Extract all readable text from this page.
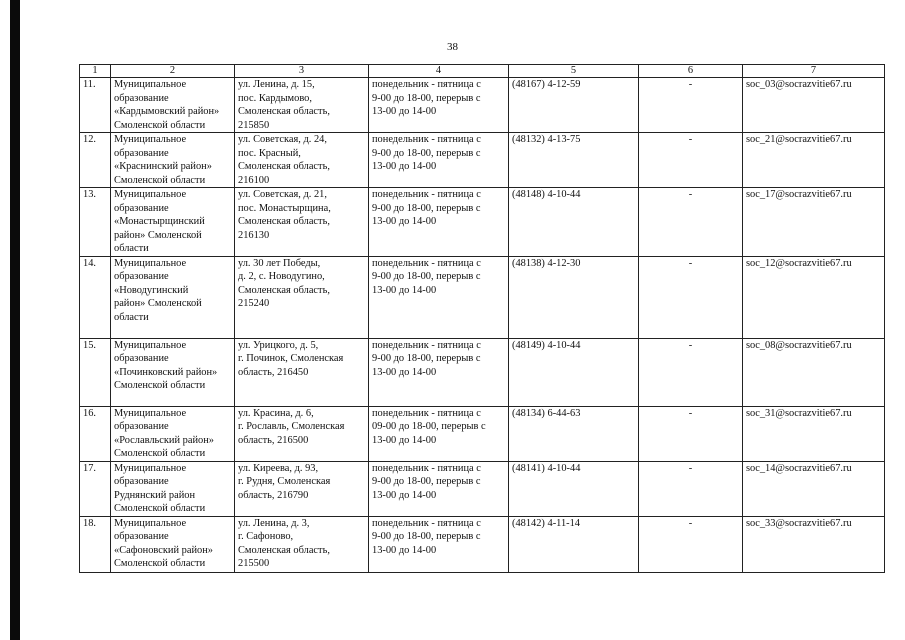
38
1	2	3	4	5	6	7
11.	Муниципальное
образование
«Кардымовский район»
Смоленской области	ул. Ленина, д. 15,
пос. Кардымово,
Смоленская область,
215850	понедельник - пятница с
9-00 до 18-00, перерыв с
13-00 до 14-00	(48167) 4-12-59	-	soc_03@socrazvitie67.ru
12.	Муниципальное
образование
«Краснинский район»
Смоленской области	ул. Советская, д. 24,
пос. Красный,
Смоленская область,
216100	понедельник - пятница с
9-00 до 18-00, перерыв с
13-00 до 14-00	(48132) 4-13-75	-	soc_21@socrazvitie67.ru
13.	Муниципальное
образование
«Монастырщинский
район» Смоленской
области	ул. Советская, д. 21,
пос. Монастырщина,
Смоленская область,
216130	понедельник - пятница с
9-00 до 18-00, перерыв с
13-00 до 14-00	(48148) 4-10-44	-	soc_17@socrazvitie67.ru
14.	Муниципальное
образование
«Новодугинский
район» Смоленской
области	ул. 30 лет Победы,
д. 2, с. Новодугино,
Смоленская область,
215240	понедельник - пятница с
9-00 до 18-00, перерыв с
13-00 до 14-00	(48138) 4-12-30	-	soc_12@socrazvitie67.ru
15.	Муниципальное
образование
«Починковский район»
Смоленской области	ул. Урицкого, д. 5,
г. Починок, Смоленская
область, 216450	понедельник - пятница с
9-00 до 18-00, перерыв с
13-00 до 14-00	(48149) 4-10-44	-	soc_08@socrazvitie67.ru
16.	Муниципальное
образование
«Рославльский район»
Смоленской области	ул. Красина, д. 6,
г. Рославль, Смоленская
область, 216500	понедельник - пятница с
09-00 до 18-00, перерыв с
13-00 до 14-00	(48134) 6-44-63	-	soc_31@socrazvitie67.ru
17.	Муниципальное
образование
Руднянский район
Смоленской области	ул. Киреева, д. 93,
г. Рудня, Смоленская
область, 216790	понедельник - пятница с
9-00 до 18-00, перерыв с
13-00 до 14-00	(48141) 4-10-44	-	soc_14@socrazvitie67.ru
18.	Муниципальное
образование
«Сафоновский район»
Смоленской области	ул. Ленина, д. 3,
г. Сафоново,
Смоленская область,
215500	понедельник - пятница с
9-00 до 18-00, перерыв с
13-00 до 14-00	(48142) 4-11-14	-	soc_33@socrazvitie67.ru
